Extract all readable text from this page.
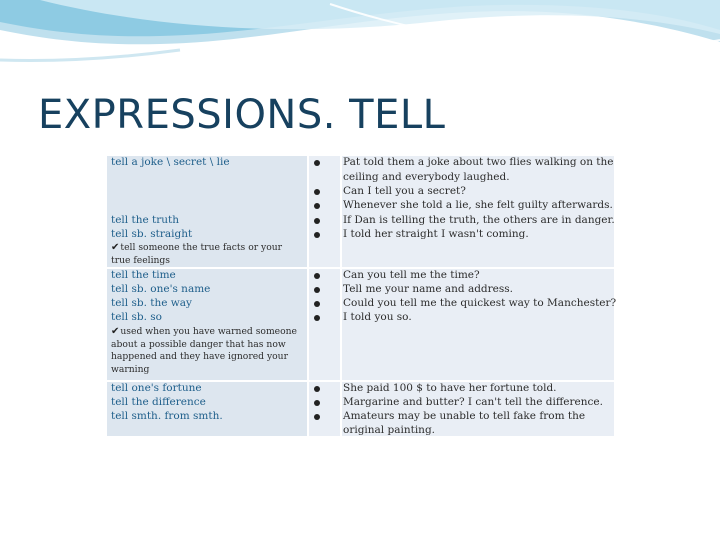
EXPRESSIONS. TELL
tell a joke \ secret \ lie
tell the truth
tell sb. straight
✔tell someone the true facts or your true feelings
Pat told them a joke about two flies walking on the
ceiling and everybody laughed.
Can I tell you a secret?
Whenever she told a lie, she felt guilty afterwards.
If Dan is telling the truth, the others are in danger.
I told her straight I wasn't coming.
tell the time
tell sb. one's name
tell sb. the way
tell sb. so
✔used when you have warned someone about a possible danger that has now happened and they have ignored your warning
Can you tell me the time?
Tell me your name and address.
Could you tell me the quickest way to Manchester?
I told you so.
tell one's fortune
tell the difference
tell smth. from smth.
She paid 100 $ to have her fortune told.
Margarine and butter? I can't tell the difference.
Amateurs may be unable to tell fake from the
original painting.
